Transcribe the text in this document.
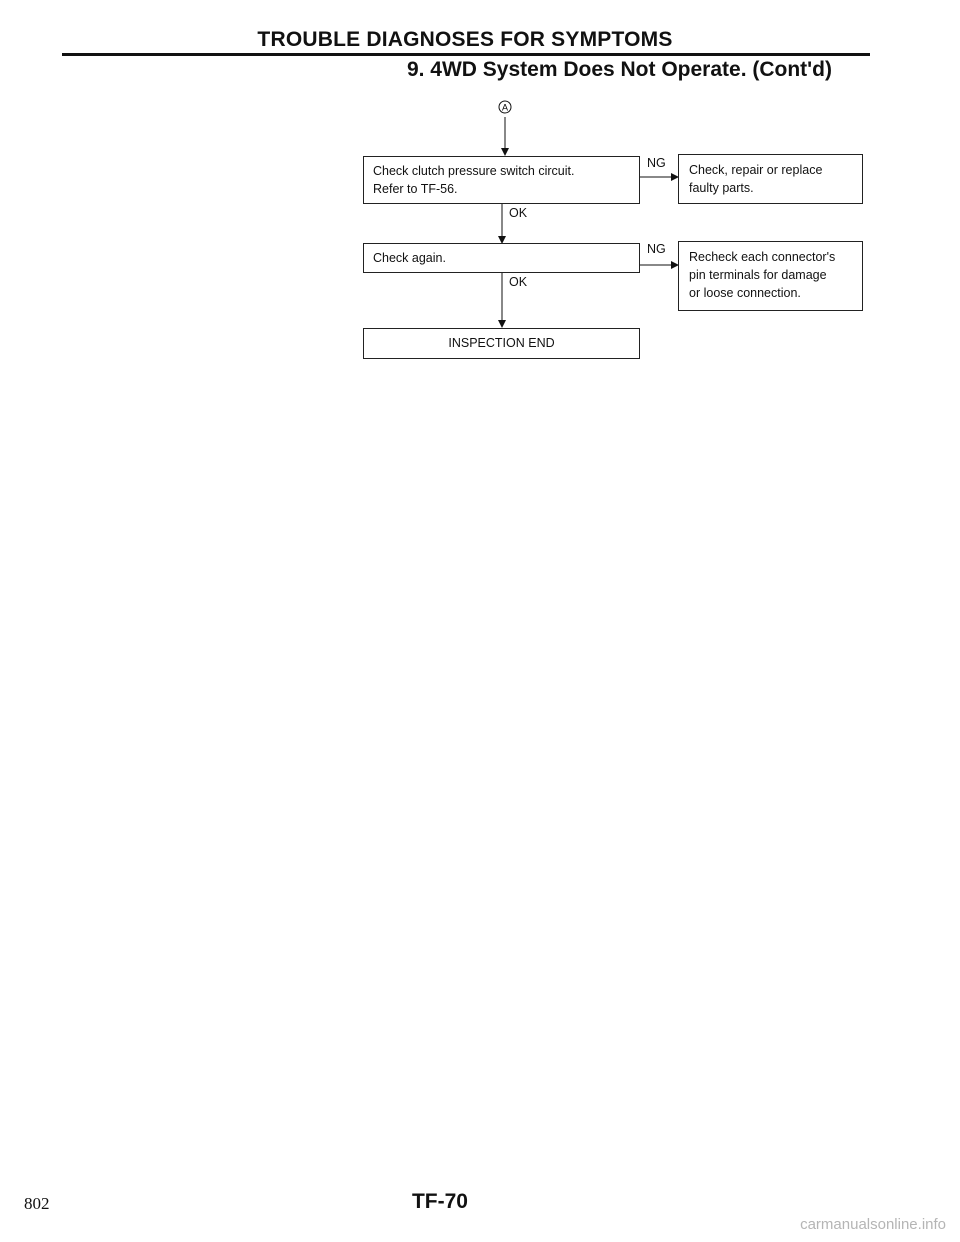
TROUBLE DIAGNOSES FOR SYMPTOMS
9. 4WD System Does Not Operate. (Cont'd)
A
Check clutch pressure switch circuit.
Refer to TF-56.
NG Check, repair or replace
faulty parts.
OK
Check again.
NG
Recheck each connector's
pin terminals for damage
or loose connection.
OK
INSPECTION END
802	TF-70
carmanualsonline.info
